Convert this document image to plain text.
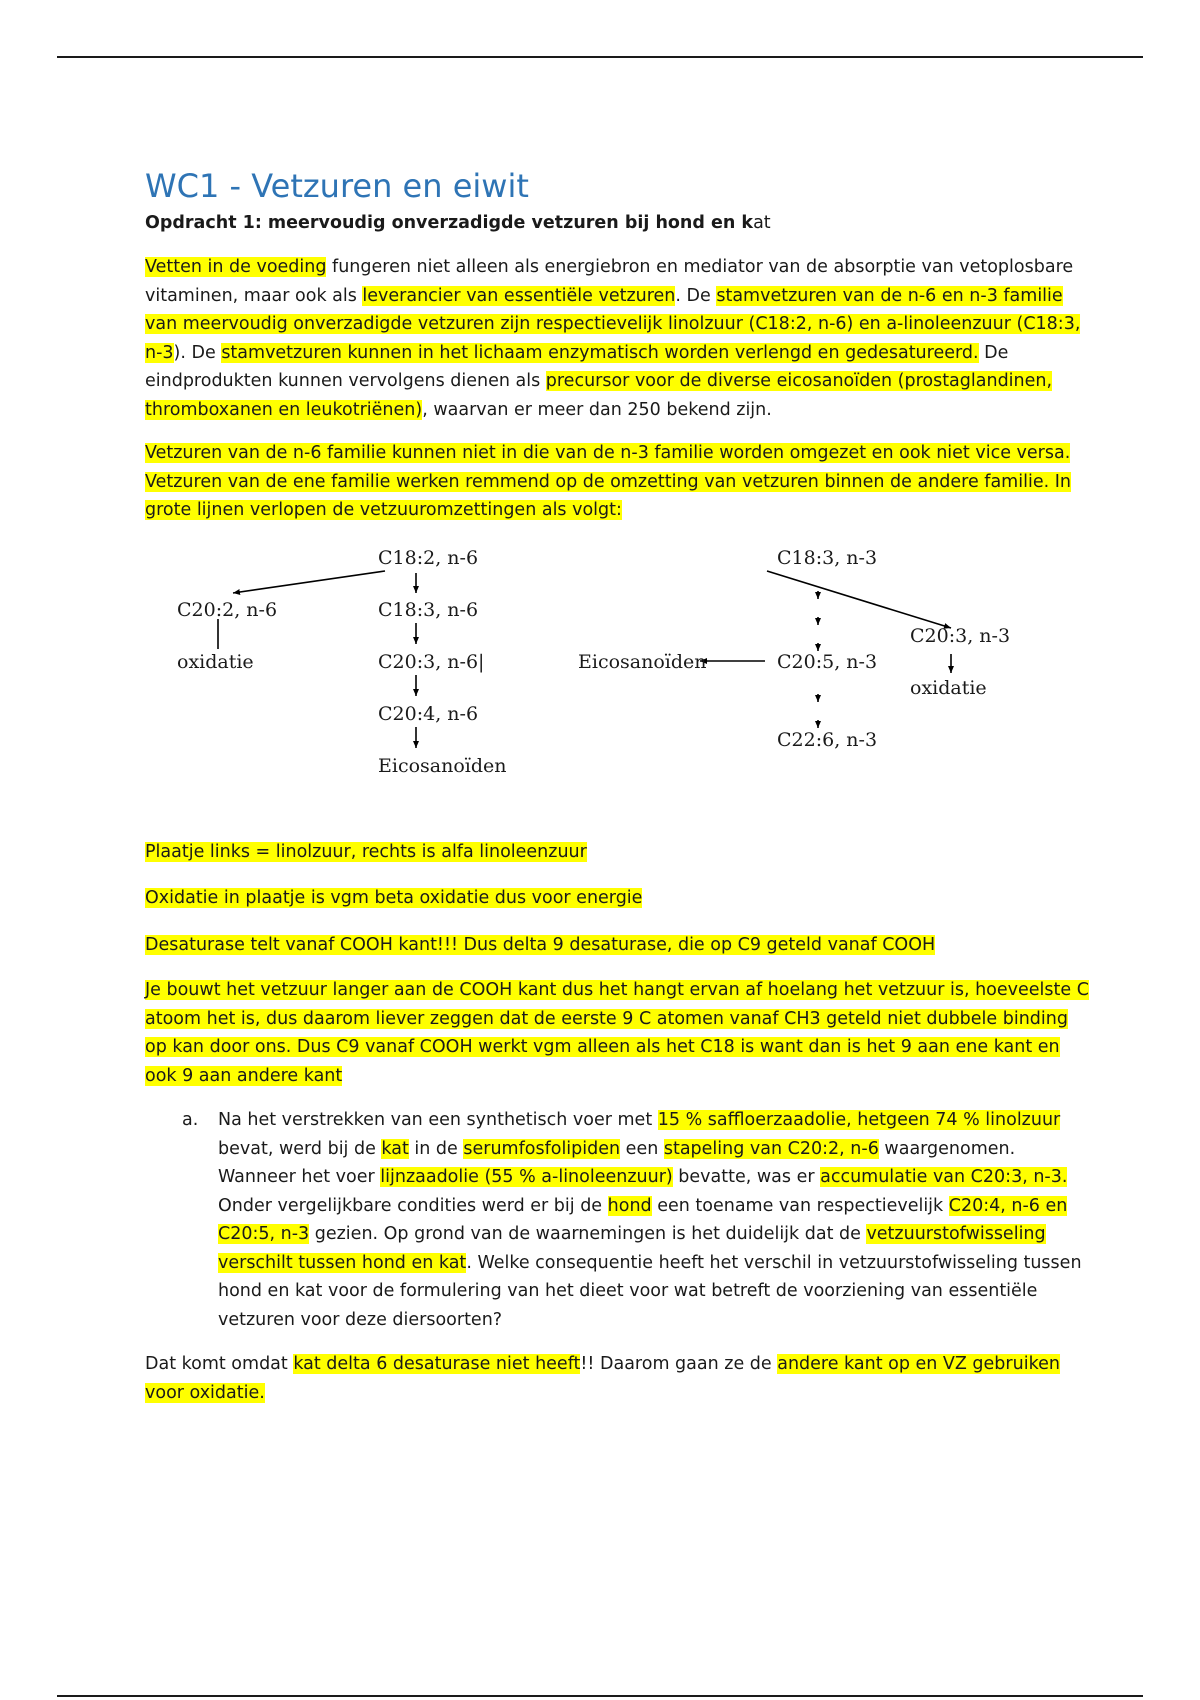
WC1 - Vetzuren en eiwit
Opdracht 1: meervoudig onverzadigde vetzuren bij hond en kat

Vetten in de voeding fungeren niet alleen als energiebron en mediator van de absorptie van vetoplosbare vitaminen, maar ook als leverancier van essentiële vetzuren. De stamvetzuren van de n-6 en n-3 familie van meervoudig onverzadigde vetzuren zijn respectievelijk linolzuur (C18:2, n-6) en a-linoleenzuur (C18:3, n-3). De stamvetzuren kunnen in het lichaam enzymatisch worden verlengd en gedesatureerd. De eindprodukten kunnen vervolgens dienen als precursor voor de diverse eicosanoïden (prostaglandinen, thromboxanen en leukotriënen), waarvan er meer dan 250 bekend zijn.

Vetzuren van de n-6 familie kunnen niet in die van de n-3 familie worden omgezet en ook niet vice versa. Vetzuren van de ene familie werken remmend op de omzetting van vetzuren binnen de andere familie. In grote lijnen verlopen de vetzuuromzettingen als volgt:

C18:2, n-6
C20:2, n-6
oxidatie
C18:3, n-6
C20:3, n-6|
C20:4, n-6
Eicosanoïden
C18:3, n-3
C20:3, n-3
oxidatie
Eicosanoïden	C20:5, n-3
C22:6, n-3

Plaatje links = linolzuur, rechts is alfa linoleenzuur

Oxidatie in plaatje is vgm beta oxidatie dus voor energie

Desaturase telt vanaf COOH kant!!! Dus delta 9 desaturase, die op C9 geteld vanaf COOH

Je bouwt het vetzuur langer aan de COOH kant dus het hangt ervan af hoelang het vetzuur is, hoeveelste C atoom het is, dus daarom liever zeggen dat de eerste 9 C atomen vanaf CH3 geteld niet dubbele binding op kan door ons. Dus C9 vanaf COOH werkt vgm alleen als het C18 is want dan is het 9 aan ene kant en ook 9 aan andere kant

a. Na het verstrekken van een synthetisch voer met 15 % saffloerzaadolie, hetgeen 74 % linolzuur bevat, werd bij de kat in de serumfosfolipiden een stapeling van C20:2, n-6 waargenomen. Wanneer het voer lijnzaadolie (55 % a-linoleenzuur) bevatte, was er accumulatie van C20:3, n-3. Onder vergelijkbare condities werd er bij de hond een toename van respectievelijk C20:4, n-6 en C20:5, n-3 gezien. Op grond van de waarnemingen is het duidelijk dat de vetzuurstofwisseling verschilt tussen hond en kat. Welke consequentie heeft het verschil in vetzuurstofwisseling tussen hond en kat voor de formulering van het dieet voor wat betreft de voorziening van essentiële vetzuren voor deze diersoorten?

Dat komt omdat kat delta 6 desaturase niet heeft!! Daarom gaan ze de andere kant op en VZ gebruiken voor oxidatie.
